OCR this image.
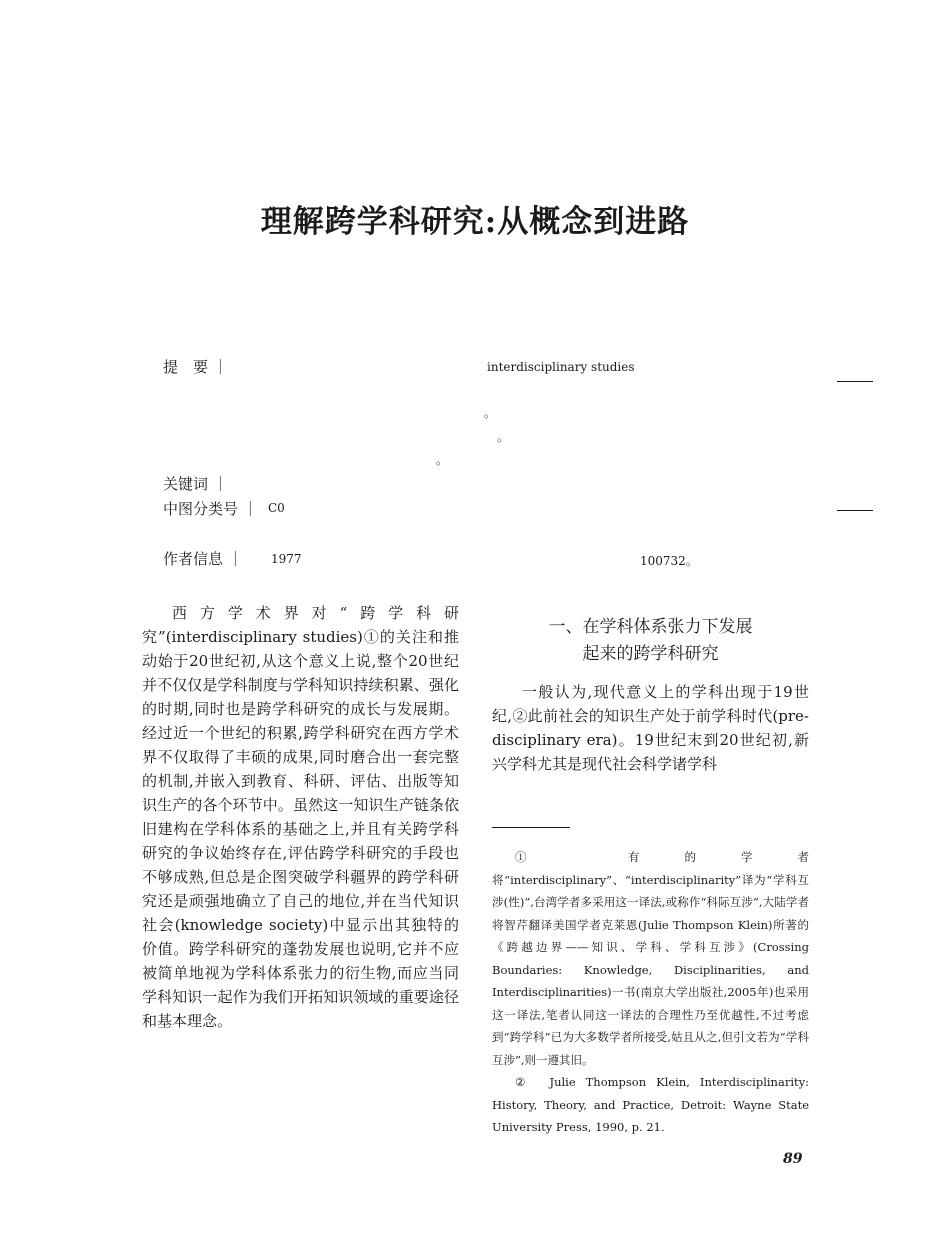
理解跨学科研究:从概念到进路
提　要 ｜	interdisciplinary studies
。
。
。
关键词 ｜
中图分类号 ｜ C0
作者信息 ｜ 1977	100732。

西方学术界对“跨学科研究”(interdisciplinary studies)①的关注和推动始于20世纪初,从这个意义上说,整个20世纪并不仅仅是学科制度与学科知识持续积累、强化的时期,同时也是跨学科研究的成长与发展期。经过近一个世纪的积累,跨学科研究在西方学术界不仅取得了丰硕的成果,同时磨合出一套完整的机制,并嵌入到教育、科研、评估、出版等知识生产的各个环节中。虽然这一知识生产链条依旧建构在学科体系的基础之上,并且有关跨学科研究的争议始终存在,评估跨学科研究的手段也不够成熟,但总是企图突破学科疆界的跨学科研究还是顽强地确立了自己的地位,并在当代知识社会(knowledge society)中显示出其独特的价值。跨学科研究的蓬勃发展也说明,它并不应被简单地视为学科体系张力的衍生物,而应当同学科知识一起作为我们开拓知识领域的重要途径和基本理念。

一、在学科体系张力下发展
起来的跨学科研究

一般认为,现代意义上的学科出现于19世纪,②此前社会的知识生产处于前学科时代(pre-disciplinary era)。19世纪末到20世纪初,新兴学科尤其是现代社会科学诸学科

①　有的学者将“interdisciplinary”、“interdisciplinarity”译为“学科互涉(性)”,台湾学者多采用这一译法,或称作“科际互涉”,大陆学者将智芹翻译美国学者克莱恩(Julie Thompson Klein)所著的《跨越边界——知识、学科、学科互涉》(Crossing Boundaries: Knowledge, Disciplinarities, and Interdisciplinarities)一书(南京大学出版社,2005年)也采用这一译法,笔者认同这一译法的合理性乃至优越性,不过考虑到“跨学科”已为大多数学者所接受,姑且从之,但引文若为“学科互涉”,则一遵其旧。

②　Julie Thompson Klein, Interdisciplinarity: History, Theory, and Practice, Detroit: Wayne State University Press, 1990, p. 21.

89
